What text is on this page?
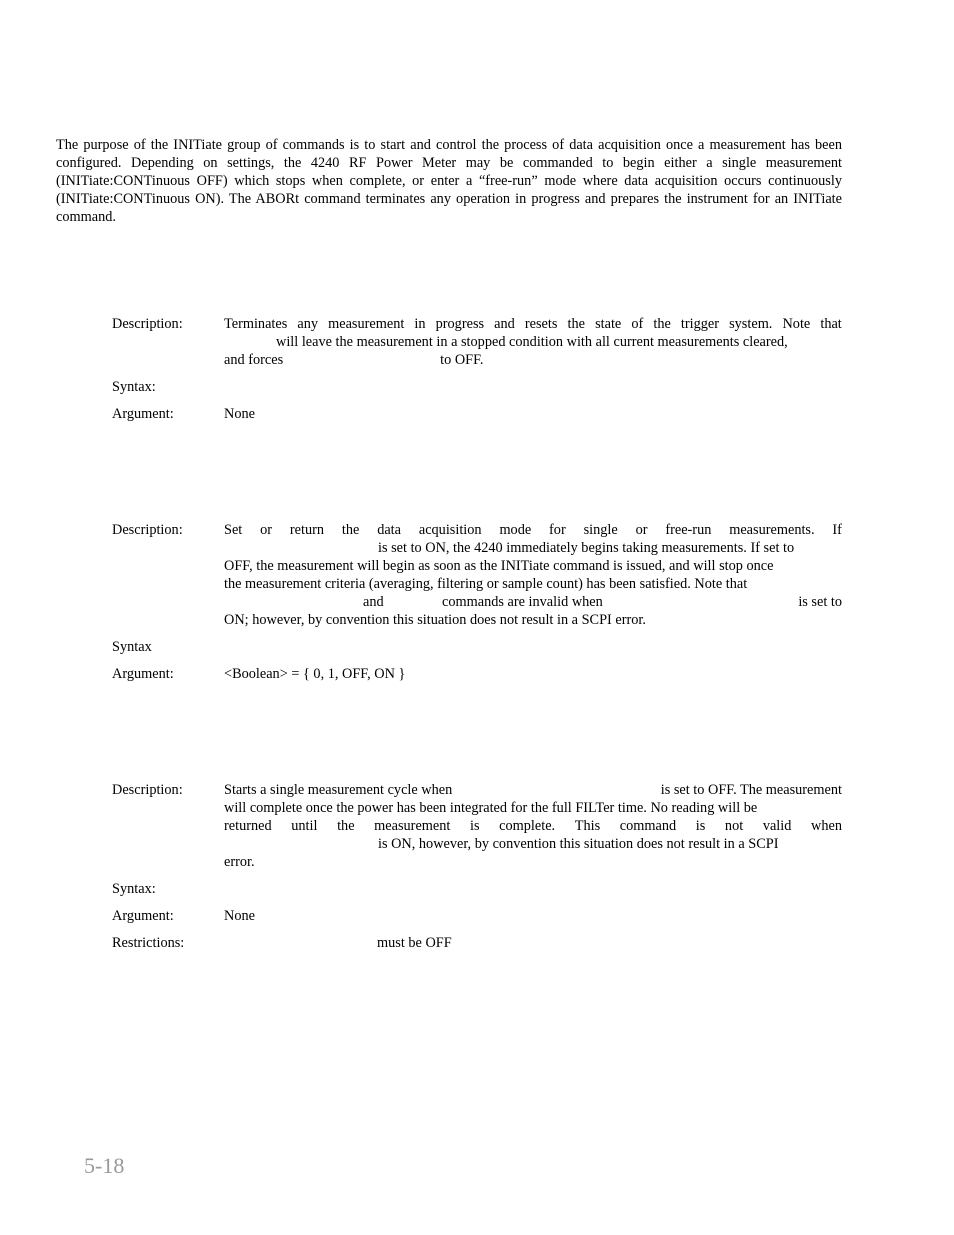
The purpose of the INITiate group of commands is to start and control the process of data acquisition once a measurement has been configured. Depending on settings, the 4240 RF Power Meter may be commanded to begin either a single measurement (INITiate:CONTinuous OFF) which stops when complete, or enter a “free-run” mode where data acquisition occurs continuously (INITiate:CONTinuous ON). The ABORt command terminates any operation in progress and prepares the instrument for an INITiate command.
Description:	Terminates any measurement in progress and resets the state of the trigger system. Note that
will leave the measurement in a stopped condition with all current measurements cleared,
and forces	to OFF.
Syntax:
Argument:	None
Description:	Set or return the data acquisition mode for single or free-run measurements. If
is set to ON, the 4240 immediately begins taking measurements. If set to
OFF, the measurement will begin as soon as the INITiate command is issued, and will stop once
the measurement criteria (averaging, filtering or sample count) has been satisfied. Note that
and	commands are invalid when	is set to
ON; however, by convention this situation does not result in a SCPI error.
Syntax
Argument:	<Boolean> = { 0, 1, OFF, ON }
Description:	Starts a single measurement cycle when	is set to OFF. The measurement
will complete once the power has been integrated for the full FILTer time. No reading will be
returned until the measurement is complete. This command is not valid when
is ON, however, by convention this situation does not result in a SCPI
error.
Syntax:
Argument:	None
Restrictions:	must be OFF
5-18
